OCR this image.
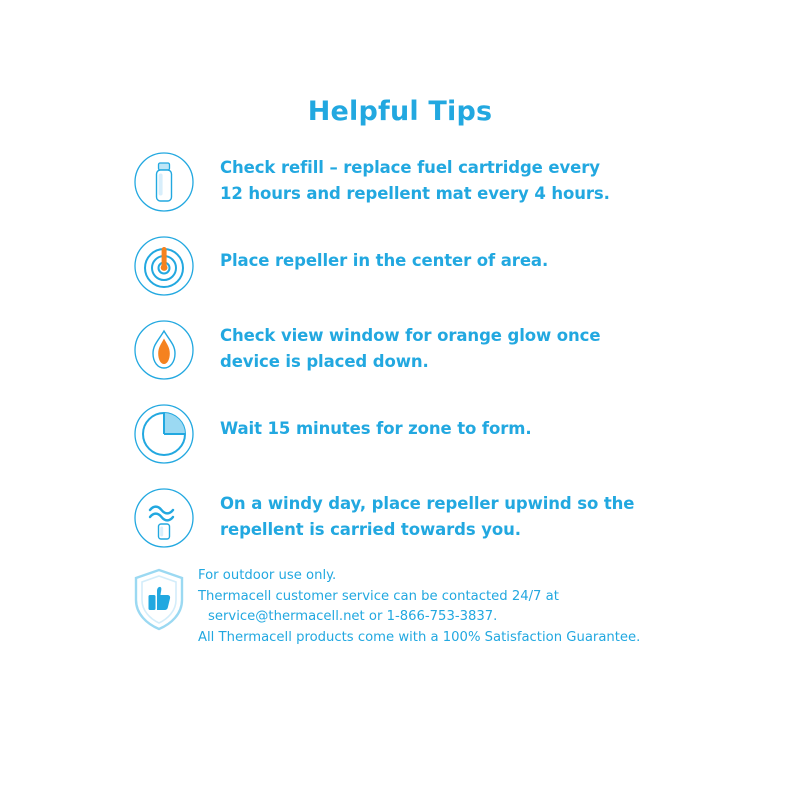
Helpful Tips
Check refill – replace fuel cartridge every
12 hours and repellent mat every 4 hours.
Place repeller in the center of area.
Check view window for orange glow once
device is placed down.
Wait 15 minutes for zone to form.
On a windy day, place repeller upwind so the
repellent is carried towards you.
For outdoor use only.
Thermacell customer service can be contacted 24/7 at
service@thermacell.net or 1-866-753-3837.
All Thermacell products come with a 100% Satisfaction Guarantee.
